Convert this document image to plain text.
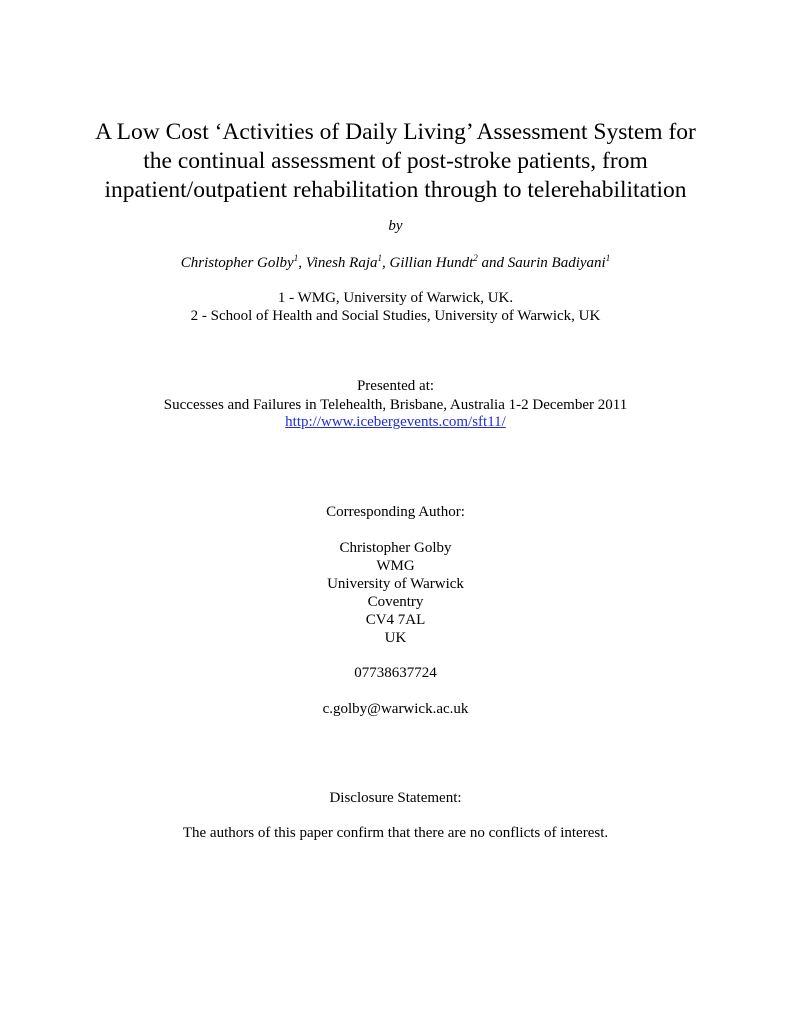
A Low Cost ‘Activities of Daily Living’ Assessment System for
the continual assessment of post-stroke patients, from
inpatient/outpatient rehabilitation through to telerehabilitation
by
Christopher Golby$^1$, Vinesh Raja$^1$, Gillian Hundt$^2$ and Saurin Badiyani$^1$
1 - WMG, University of Warwick, UK.
2 - School of Health and Social Studies, University of Warwick, UK
Presented at:
Successes and Failures in Telehealth, Brisbane, Australia 1-2 December 2011
http://www.icebergevents.com/sft11/
Corresponding Author:
Christopher Golby
WMG
University of Warwick
Coventry
CV4 7AL
UK
07738637724
c.golby@warwick.ac.uk
Disclosure Statement:
The authors of this paper confirm that there are no conflicts of interest.
